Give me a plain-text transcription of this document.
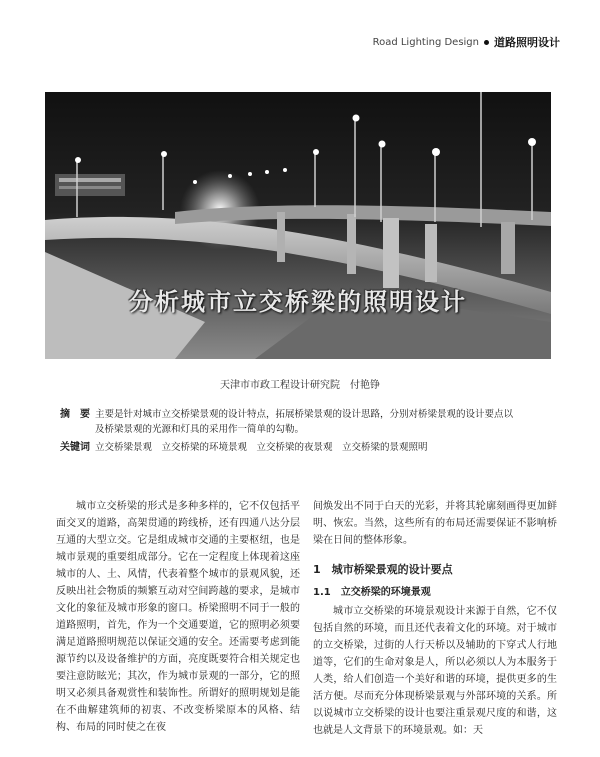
Road Lighting Design 道路照明设计
分析城市立交桥梁的照明设计
天津市市政工程设计研究院　付艳铮
摘　要 主要是针对城市立交桥梁景观的设计特点，拓展桥梁景观的设计思路，分别对桥梁景观的设计要点以及桥梁景观的光源和灯具的采用作一简单的勾勒。
关键词 立交桥梁景观　立交桥梁的环境景观　立交桥梁的夜景观　立交桥梁的景观照明

城市立交桥梁的形式是多种多样的，它不仅包括平面交叉的道路，高架贯通的跨线桥，还有四通八达分层互通的大型立交。它是组成城市交通的主要枢纽，也是城市景观的重要组成部分。它在一定程度上体现着这座城市的人、土、风情，代表着整个城市的景观风貌，还反映出社会物质的频繁互动对空间跨越的要求，是城市文化的象征及城市形象的窗口。桥梁照明不同于一般的道路照明，首先，作为一个交通要道，它的照明必须要满足道路照明规范以保证交通的安全。还需要考虑到能源节约以及设备维护的方面，亮度既要符合相关规定也要注意防眩光；其次，作为城市景观的一部分，它的照明又必须具备观赏性和装饰性。所谓好的照明规划是能在不曲解建筑师的初衷、不改变桥梁原本的风格、结构、布局的同时使之在夜

间焕发出不同于白天的光彩，并将其轮廓刻画得更加鲜明、恢宏。当然，这些所有的布局还需要保证不影响桥梁在日间的整体形象。

1　城市桥梁景观的设计要点
1.1　立交桥梁的环境景观

城市立交桥梁的环境景观设计来源于自然，它不仅包括自然的环境，而且还代表着文化的环境。对于城市的立交桥梁，过街的人行天桥以及辅助的下穿式人行地道等，它们的生命对象是人，所以必须以人为本服务于人类，给人们创造一个美好和谐的环境，提供更多的生活方便。尽而充分体现桥梁景观与外部环境的关系。所以说城市立交桥梁的设计也要注重景观尺度的和谐，这也就是人文背景下的环境景观。如：天
